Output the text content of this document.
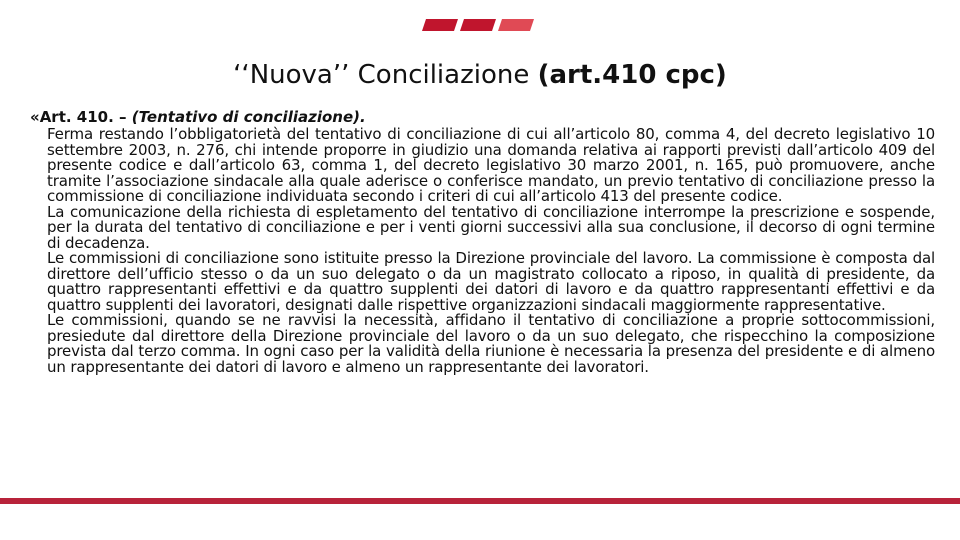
‘‘Nuova’’ Conciliazione (art.410 cpc)

«Art. 410. – (Tentativo di conciliazione).

Ferma restando l’obbligatorietà del tentativo di conciliazione di cui all’articolo 80, comma 4, del decreto legislativo 10 settembre 2003, n. 276, chi intende proporre in giudizio una domanda relativa ai rapporti previsti dall’articolo 409 del presente codice e dall’articolo 63, comma 1, del decreto legislativo 30 marzo 2001, n. 165, può promuovere, anche tramite l’associazione sindacale alla quale aderisce o conferisce mandato, un previo tentativo di conciliazione presso la commissione di conciliazione individuata secondo i criteri di cui all’articolo 413 del presente codice.

La comunicazione della richiesta di espletamento del tentativo di conciliazione interrompe la prescrizione e sospende, per la durata del tentativo di conciliazione e per i venti giorni successivi alla sua conclusione, il decorso di ogni termine di decadenza.

Le commissioni di conciliazione sono istituite presso la Direzione provinciale del lavoro. La commissione è composta dal direttore dell’ufficio stesso o da un suo delegato o da un magistrato collocato a riposo, in qualità di presidente, da quattro rappresentanti effettivi e da quattro supplenti dei datori di lavoro e da quattro rappresentanti effettivi e da quattro supplenti dei lavoratori, designati dalle rispettive organizzazioni sindacali maggiormente rappresentative.

Le commissioni, quando se ne ravvisi la necessità, affidano il tentativo di conciliazione a proprie sottocommissioni, presiedute dal direttore della Direzione provinciale del lavoro o da un suo delegato, che rispecchino la composizione prevista dal terzo comma. In ogni caso per la validità della riunione è necessaria la presenza del presidente e di almeno un rappresentante dei datori di lavoro e almeno un rappresentante dei lavoratori.
